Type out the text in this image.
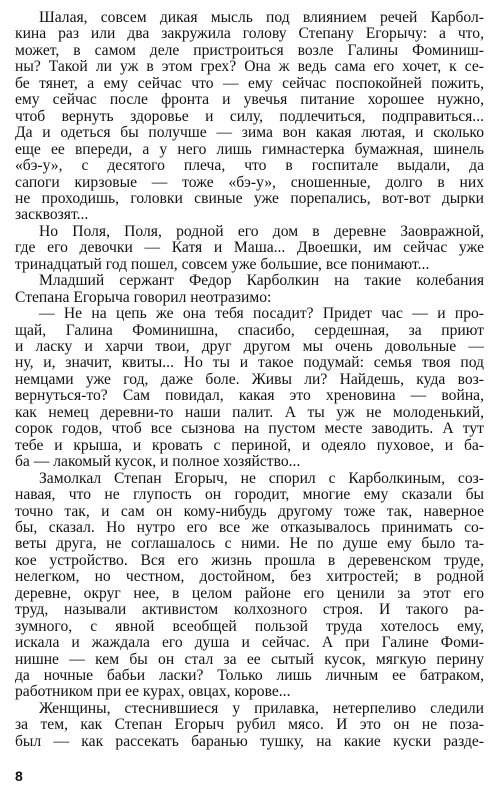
8
Шалая, совсем дикая мысль под влиянием речей Карбол-
кина раз или два закружила голову Степану Егорычу: а что,
может, в самом деле пристроиться возле Галины Фоминиш-
ны? Такой ли уж в этом грех? Она ж ведь сама его хочет, к се-
бе тянет, а ему сейчас что — ему сейчас поспокойней пожить,
ему сейчас после фронта и увечья питание хорошее нужно,
чтоб вернуть здоровье и силу, подлечиться, подправиться...
Да и одеться бы получше — зима вон какая лютая, и сколько
еще ее впереди, а у него лишь гимнастерка бумажная, шинель
«бэ-у», с десятого плеча, что в госпитале выдали, да
сапоги кирзовые — тоже «бэ-у», сношенные, долго в них
не проходишь, головки свиные уже порепались, вот-вот дырки
засквозят...
Но Поля, Поля, родной его дом в деревне Заовражной,
где его девочки — Катя и Маша... Двоешки, им сейчас уже
тринадцатый год пошел, совсем уже большие, все понимают...
Младший сержант Федор Карболкин на такие колебания
Степана Егорыча говорил неотразимо:
— Не на цепь же она тебя посадит? Придет час — и про-
щай, Галина Фоминишна, спасибо, сердешная, за приют
и ласку и харчи твои, друг другом мы очень довольные —
ну, и, значит, квиты... Но ты и такое подумай: семья твоя под
немцами уже год, даже боле. Живы ли? Найдешь, куда воз-
вернуться-то? Сам повидал, какая это хреновина — война,
как немец деревни-то наши палит. А ты уж не молоденький,
сорок годов, чтоб все сызнова на пустом месте заводить. А тут
тебе и крыша, и кровать с периной, и одеяло пуховое, и ба-
ба — лакомый кусок, и полное хозяйство...
Замолкал Степан Егорыч, не спорил с Карболкиным, соз-
навая, что не глупость он городит, многие ему сказали бы
точно так, и сам он кому-нибудь другому тоже так, наверное
бы, сказал. Но нутро его все же отказывалось принимать со-
веты друга, не соглашалось с ними. Не по душе ему было та-
кое устройство. Вся его жизнь прошла в деревенском труде,
нелегком, но честном, достойном, без хитростей; в родной
деревне, округ нее, в целом районе его ценили за этот его
труд, называли активистом колхозного строя. И такого ра-
зумного, с явной всеобщей пользой труда хотелось ему,
искала и жаждала его душа и сейчас. А при Галине Фоми-
нишне — кем бы он стал за ее сытый кусок, мягкую перину
да ночные бабьи ласки? Только лишь личным ее батраком,
работником при ее курах, овцах, корове...
Женщины, стеснившиеся у прилавка, нетерпеливо следили
за тем, как Степан Егорыч рубил мясо. И это он не поза-
был — как рассекать баранью тушку, на какие куски разде-
